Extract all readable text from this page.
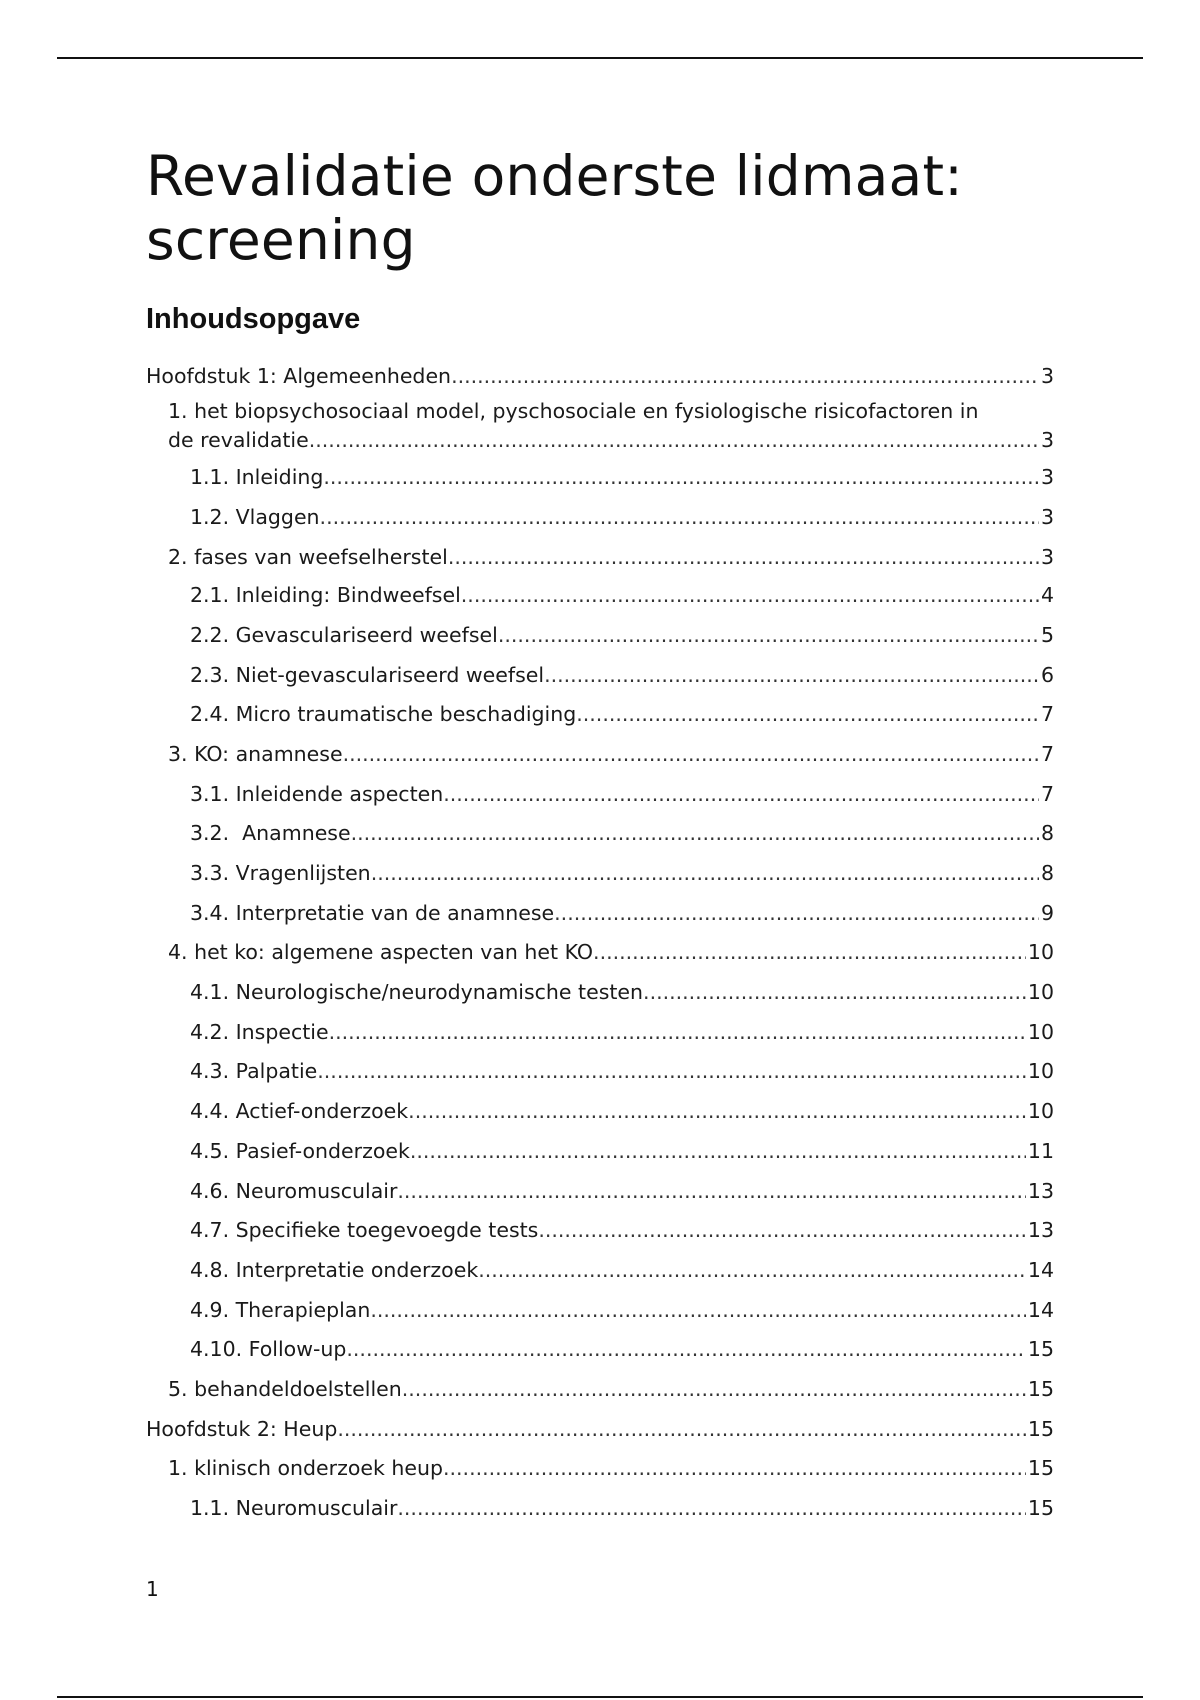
Revalidatie onderste lidmaat:
screening
Inhoudsopgave
Hoofdstuk 1: Algemeenheden .....	3
1. het biopsychosociaal model, pyschosociale en fysiologische risicofactoren in
de revalidatie .....	3
1.1. Inleiding .....	3
1.2. Vlaggen .....	3
2. fases van weefselherstel .....	3
2.1. Inleiding: Bindweefsel .....	4
2.2. Gevasculariseerd weefsel .....	5
2.3. Niet-gevasculariseerd weefsel .....	6
2.4. Micro traumatische beschadiging .....	7
3. KO: anamnese .....	7
3.1. Inleidende aspecten .....	7
3.2.  Anamnese .....	8
3.3. Vragenlijsten .....	8
3.4. Interpretatie van de anamnese .....	9
4. het ko: algemene aspecten van het KO .....	10
4.1. Neurologische/neurodynamische testen .....	10
4.2. Inspectie .....	10
4.3. Palpatie .....	10
4.4. Actief-onderzoek .....	10
4.5. Pasief-onderzoek .....	11
4.6. Neuromusculair .....	13
4.7. Specifieke toegevoegde tests .....	13
4.8. Interpretatie onderzoek .....	14
4.9. Therapieplan .....	14
4.10. Follow-up .....	15
5. behandeldoelstellen .....	15
Hoofdstuk 2: Heup .....	15
1. klinisch onderzoek heup .....	15
1.1. Neuromusculair .....	15
1
